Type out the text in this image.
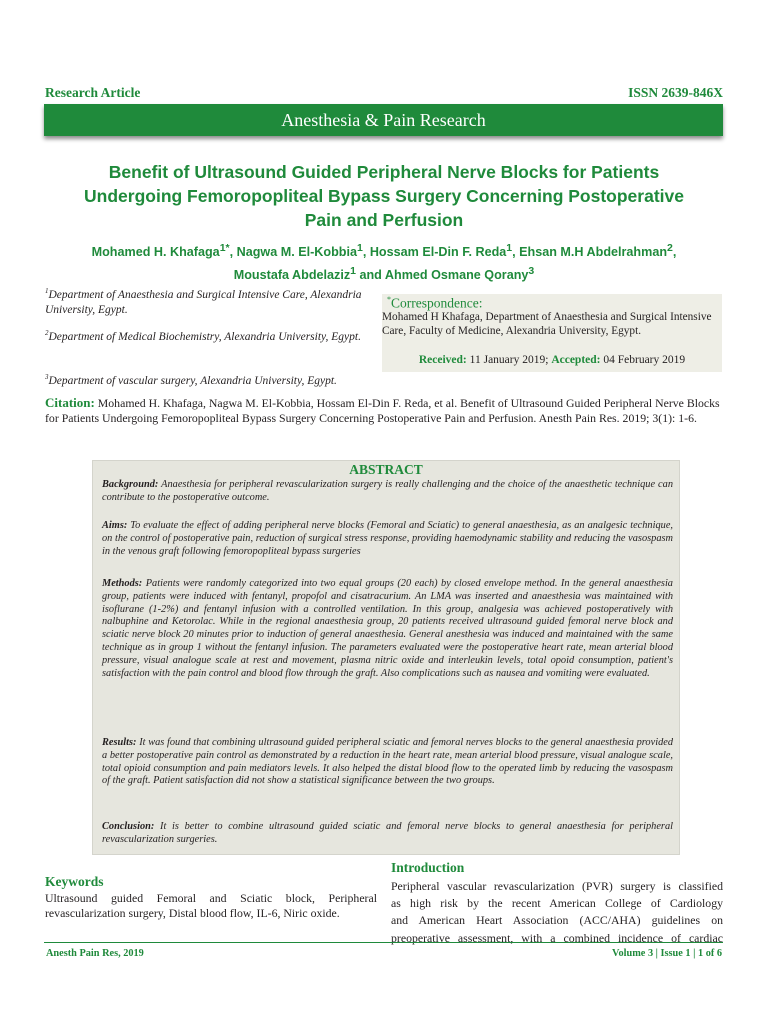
Research Article	ISSN 2639-846X
Anesthesia & Pain Research
Benefit of Ultrasound Guided Peripheral Nerve Blocks for Patients
Undergoing Femoropopliteal Bypass Surgery Concerning Postoperative
Pain and Perfusion
Mohamed H. Khafaga$^{1*}$, Nagwa M. El-Kobbia$^1$, Hossam El-Din F. Reda$^1$, Ehsan M.H Abdelrahman$^2$,
Moustafa Abdelaziz$^1$ and Ahmed Osmane Qorany$^3$
$^1$Department of Anaesthesia and Surgical Intensive Care, Alexandria University, Egypt.
$^2$Department of Medical Biochemistry, Alexandria University, Egypt.
$^3$Department of vascular surgery, Alexandria University, Egypt.
*Correspondence:
Mohamed H Khafaga, Department of Anaesthesia and Surgical Intensive Care, Faculty of Medicine, Alexandria University, Egypt.
Received: 11 January 2019; Accepted: 04 February 2019
Citation: Mohamed H. Khafaga, Nagwa M. El-Kobbia, Hossam El-Din F. Reda, et al. Benefit of Ultrasound Guided Peripheral Nerve Blocks for Patients Undergoing Femoropopliteal Bypass Surgery Concerning Postoperative Pain and Perfusion. Anesth Pain Res. 2019; 3(1): 1-6.
ABSTRACT
Background: Anaesthesia for peripheral revascularization surgery is really challenging and the choice of the anaesthetic technique can contribute to the postoperative outcome.
Aims: To evaluate the effect of adding peripheral nerve blocks (Femoral and Sciatic) to general anaesthesia, as an analgesic technique, on the control of postoperative pain, reduction of surgical stress response, providing haemodynamic stability and reducing the vasospasm in the venous graft following femoropopliteal bypass surgeries
Methods: Patients were randomly categorized into two equal groups (20 each) by closed envelope method. In the general anaesthesia group, patients were induced with fentanyl, propofol and cisatracurium. An LMA was inserted and anaesthesia was maintained with isoflurane (1-2%) and fentanyl infusion with a controlled ventilation. In this group, analgesia was achieved postoperatively with nalbuphine and Ketorolac. While in the regional anaesthesia group, 20 patients received ultrasound guided femoral nerve block and sciatic nerve block 20 minutes prior to induction of general anaesthesia. General anesthesia was induced and maintained with the same technique as in group 1 without the fentanyl infusion. The parameters evaluated were the postoperative heart rate, mean arterial blood pressure, visual analogue scale at rest and movement, plasma nitric oxide and interleukin levels, total opoid consumption, patient's satisfaction with the pain control and blood flow through the graft. Also complications such as nausea and vomiting were evaluated.
Results: It was found that combining ultrasound guided peripheral sciatic and femoral nerves blocks to the general anaesthesia provided a better postoperative pain control as demonstrated by a reduction in the heart rate, mean arterial blood pressure, visual analogue scale, total opioid consumption and pain mediators levels. It also helped the distal blood flow to the operated limb by reducing the vasospasm of the graft. Patient satisfaction did not show a statistical significance between the two groups.
Conclusion: It is better to combine ultrasound guided sciatic and femoral nerve blocks to general anaesthesia for peripheral revascularization surgeries.
Keywords
Ultrasound guided Femoral and Sciatic block, Peripheral revascularization surgery, Distal blood flow, IL-6, Niric oxide.
Introduction
Peripheral vascular revascularization (PVR) surgery is classified
as high risk by the recent American College of Cardiology
and American Heart Association (ACC/AHA) guidelines on
preoperative assessment, with a combined incidence of cardiac
Anesth Pain Res, 2019	Volume 3 | Issue 1 | 1 of 6
